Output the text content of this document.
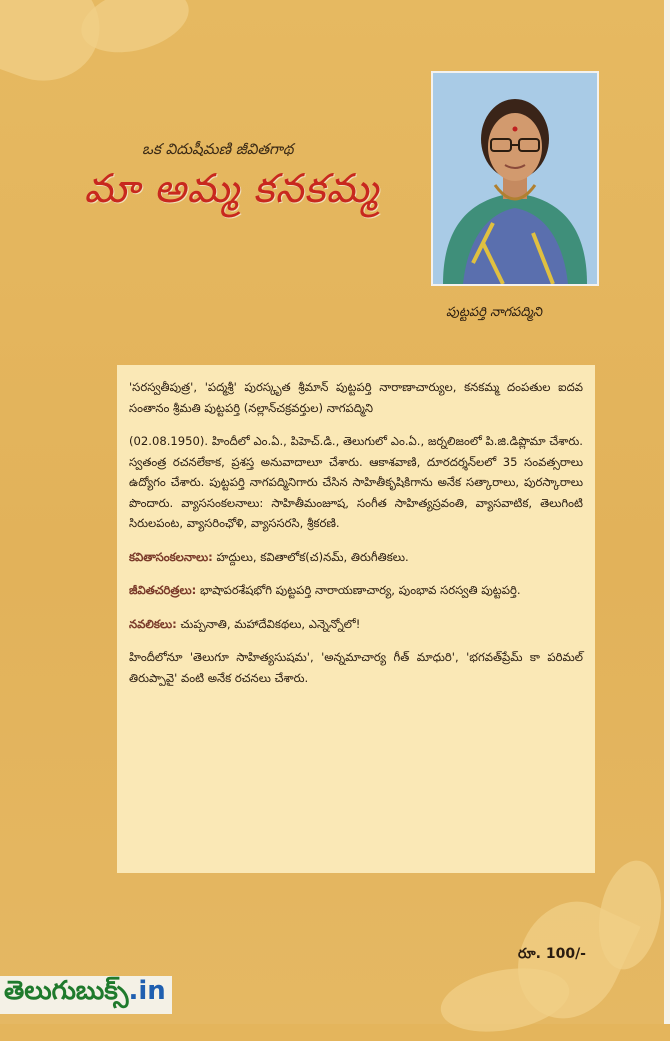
ఒక విదుషీమణి జీవితగాథ
మా అమ్మ కనకమ్మ
పుట్టపర్తి నాగపద్మిని

'సరస్వతీపుత్ర', 'పద్మశ్రీ' పురస్కృత శ్రీమాన్ పుట్టపర్తి నారాణాచార్యుల, కనకమ్మ దంపతుల ఐదవ సంతానం శ్రీమతి పుట్టపర్తి (నల్లాన్‌చక్రవర్తుల) నాగపద్మిని

(02.08.1950). హిందీలో ఎం.ఏ., పిహెచ్.డి., తెలుగులో ఎం.ఏ., జర్నలిజంలో పి.జి.డిప్లొమా చేశారు. స్వతంత్ర రచనలేకాక, ప్రశస్త అనువాదాలూ చేశారు. ఆకాశవాణి, దూరదర్శన్‌లలో 35 సంవత్సరాలు ఉద్యోగం చేశారు. పుట్టపర్తి నాగపద్మినిగారు చేసిన సాహితీకృషికిగాను అనేక సత్కారాలు, పురస్కారాలు పొందారు. వ్యాససంకలనాలు: సాహితీమంజూష, సంగీత సాహిత్యస్రవంతి, వ్యాసవాటిక, తెలుగింటి సిరులపంట, వ్యాసరింఛోళి, వ్యాససరసి, శ్రీకరణి.

కవితాసంకలనాలు: హద్దులు, కవితాలోక(చ)నమ్, తిరుగీతికలు.

జీవితచరిత్రలు: భాషాపరశేషభోగి పుట్టపర్తి నారాయణాచార్య, పుంభావ సరస్వతి పుట్టపర్తి.

నవలికలు: చుప్పనాతి, మహాదేవికథలు, ఎన్నెన్నోలో!

హిందీలోనూ 'తెలుగూ సాహిత్యసుషమ', 'అన్నమాచార్య గీత్ మాధురి', 'భగవత్‌ప్రేమ్ కా పరిమల్ తిరుప్పావై' వంటి అనేక రచనలు చేశారు.

రూ. 100/-
తెలుగుబుక్స్.in
